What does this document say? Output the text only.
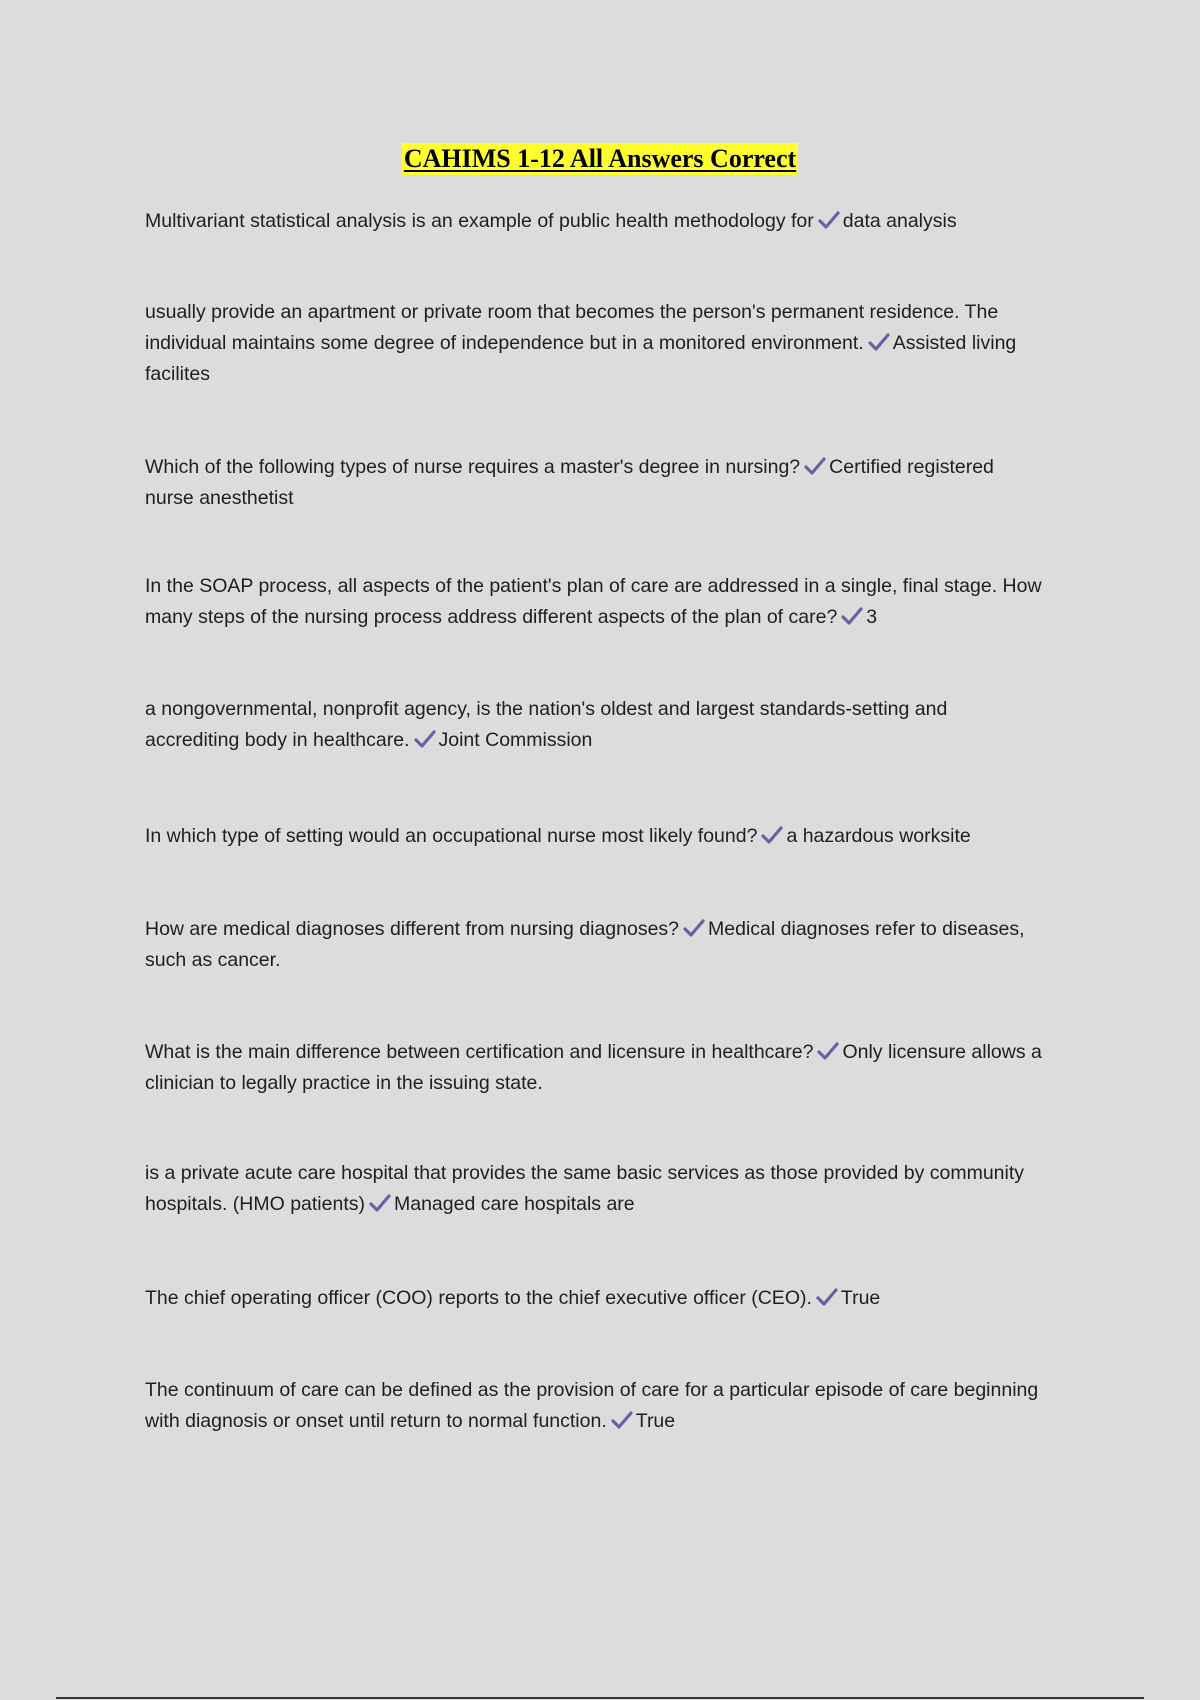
CAHIMS 1-12 All Answers Correct

Multivariant statistical analysis is an example of public health methodology for data analysis

usually provide an apartment or private room that becomes the person's permanent residence. The individual maintains some degree of independence but in a monitored environment. Assisted living facilites

Which of the following types of nurse requires a master's degree in nursing? Certified registered nurse anesthetist

In the SOAP process, all aspects of the patient's plan of care are addressed in a single, final stage. How many steps of the nursing process address different aspects of the plan of care? 3

a nongovernmental, nonprofit agency, is the nation's oldest and largest standards-setting and accrediting body in healthcare. Joint Commission

In which type of setting would an occupational nurse most likely found? a hazardous worksite

How are medical diagnoses different from nursing diagnoses? Medical diagnoses refer to diseases, such as cancer.

What is the main difference between certification and licensure in healthcare? Only licensure allows a clinician to legally practice in the issuing state.

is a private acute care hospital that provides the same basic services as those provided by community hospitals. (HMO patients) Managed care hospitals are

The chief operating officer (COO) reports to the chief executive officer (CEO). True

The continuum of care can be defined as the provision of care for a particular episode of care beginning with diagnosis or onset until return to normal function. True
